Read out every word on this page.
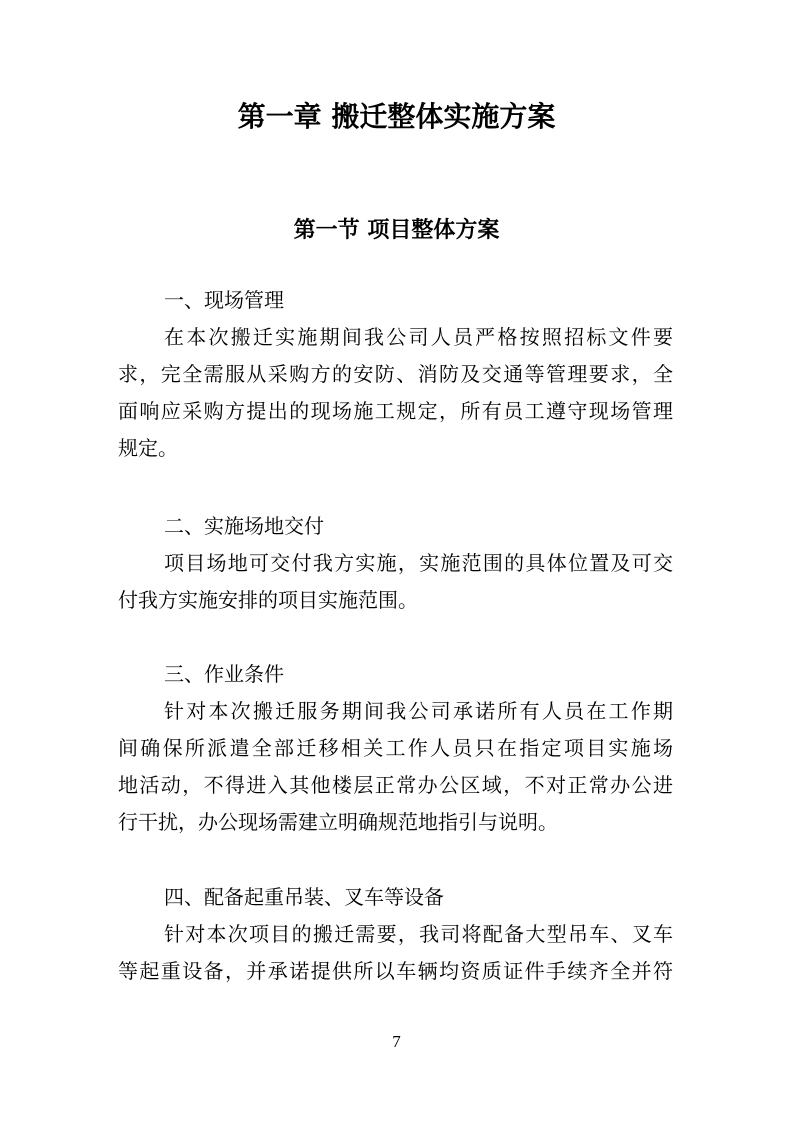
第一章 搬迁整体实施方案
第一节 项目整体方案
一、现场管理
在本次搬迁实施期间我公司人员严格按照招标文件要
求，完全需服从采购方的安防、消防及交通等管理要求，全
面响应采购方提出的现场施工规定，所有员工遵守现场管理
规定。
二、实施场地交付
项目场地可交付我方实施，实施范围的具体位置及可交
付我方实施安排的项目实施范围。
三、作业条件
针对本次搬迁服务期间我公司承诺所有人员在工作期
间确保所派遣全部迁移相关工作人员只在指定项目实施场
地活动，不得进入其他楼层正常办公区域，不对正常办公进
行干扰，办公现场需建立明确规范地指引与说明。
四、配备起重吊装、叉车等设备
针对本次项目的搬迁需要，我司将配备大型吊车、叉车
等起重设备，并承诺提供所以车辆均资质证件手续齐全并符
7
